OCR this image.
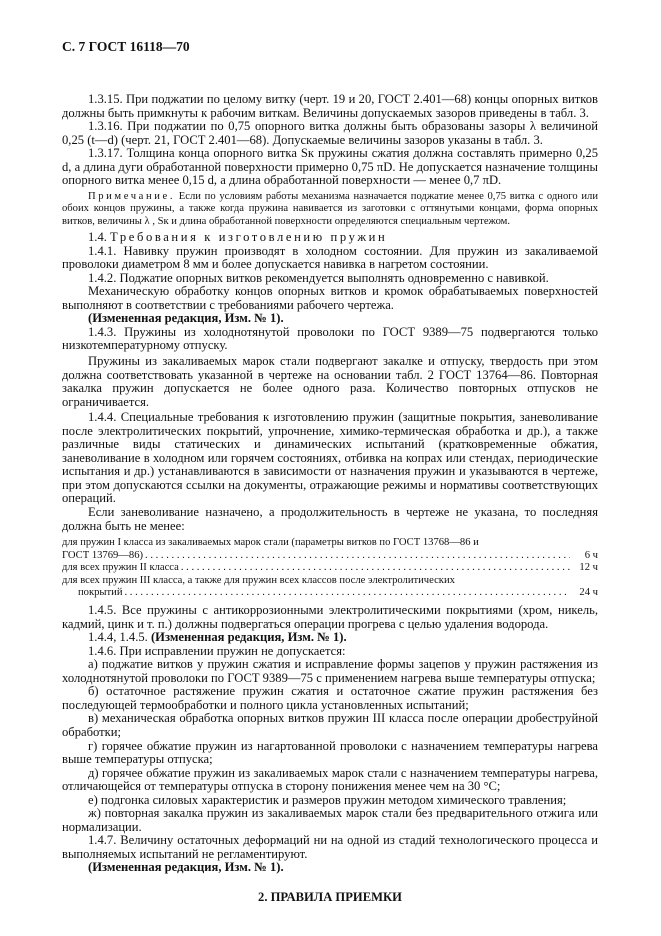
С. 7 ГОСТ 16118—70

1.3.15. При поджатии по целому витку (черт. 19 и 20, ГОСТ 2.401—68) концы опорных витков должны быть примкнуты к рабочим виткам. Величины допускаемых зазоров приведены в табл. 3.

1.3.16. При поджатии по 0,75 опорного витка должны быть образованы зазоры λ величиной 0,25 (t—d) (черт. 21, ГОСТ 2.401—68). Допускаемые величины зазоров указаны в табл. 3.

1.3.17. Толщина конца опорного витка Sк пружины сжатия должна составлять примерно 0,25 d, а длина дуги обработанной поверхности примерно 0,75 πD. Не допускается назначение толщины опорного витка менее 0,15 d, а длина обработанной поверхности — менее 0,7 πD.

Примечание. Если по условиям работы механизма назначается поджатие менее 0,75 витка с одного или обоих концов пружины, а также когда пружина навивается из заготовки с оттянутыми концами, форма опорных витков, величины λ , Sк и длина обработанной поверхности определяются специальным чертежом.

1.4. Требования к изготовлению пружин

1.4.1. Навивку пружин производят в холодном состоянии. Для пружин из закаливаемой проволоки диаметром 8 мм и более допускается навивка в нагретом состоянии.

1.4.2. Поджатие опорных витков рекомендуется выполнять одновременно с навивкой.

Механическую обработку концов опорных витков и кромок обрабатываемых поверхностей выполняют в соответствии с требованиями рабочего чертежа.

(Измененная редакция, Изм. № 1).

1.4.3. Пружины из холоднотянутой проволоки по ГОСТ 9389—75 подвергаются только низкотемпературному отпуску.

Пружины из закаливаемых марок стали подвергают закалке и отпуску, твердость при этом должна соответствовать указанной в чертеже на основании табл. 2 ГОСТ 13764—86. Повторная закалка пружин допускается не более одного раза. Количество повторных отпусков не ограничивается.

1.4.4. Специальные требования к изготовлению пружин (защитные покрытия, заневоливание после электролитических покрытий, упрочнение, химико-термическая обработка и др.), а также различные виды статических и динамических испытаний (кратковременные обжатия, заневоливание в холодном или горячем состояниях, отбивка на копрах или стендах, периодические испытания и др.) устанавливаются в зависимости от назначения пружин и указываются в чертеже, при этом допускаются ссылки на документы, отражающие режимы и нормативы соответствующих операций.

Если заневоливание назначено, а продолжительность в чертеже не указана, то последняя должна быть не менее:

для пружин I класса из закаливаемых марок стали (параметры витков по ГОСТ 13768—86 и
ГОСТ 13769—86) . . .	6 ч
для всех пружин II класса . . .	12 ч
для всех пружин III класса, а также для пружин всех классов после электролитических
покрытий . . .	24 ч

1.4.5. Все пружины с антикоррозионными электролитическими покрытиями (хром, никель, кадмий, цинк и т. п.) должны подвергаться операции прогрева с целью удаления водорода.

1.4.4, 1.4.5. (Измененная редакция, Изм. № 1).

1.4.6. При исправлении пружин не допускается:

а) поджатие витков у пружин сжатия и исправление формы зацепов у пружин растяжения из холоднотянутой проволоки по ГОСТ 9389—75 с применением нагрева выше температуры отпуска;

б) остаточное растяжение пружин сжатия и остаточное сжатие пружин растяжения без последующей термообработки и полного цикла установленных испытаний;

в) механическая обработка опорных витков пружин III класса после операции дробеструйной обработки;

г) горячее обжатие пружин из нагартованной проволоки с назначением температуры нагрева выше температуры отпуска;

д) горячее обжатие пружин из закаливаемых марок стали с назначением температуры нагрева, отличающейся от температуры отпуска в сторону понижения менее чем на 30 °С;

е) подгонка силовых характеристик и размеров пружин методом химического травления;

ж) повторная закалка пружин из закаливаемых марок стали без предварительного отжига или нормализации.

1.4.7. Величину остаточных деформаций ни на одной из стадий технологического процесса и выполняемых испытаний не регламентируют.

(Измененная редакция, Изм. № 1).

2. ПРАВИЛА ПРИЕМКИ
